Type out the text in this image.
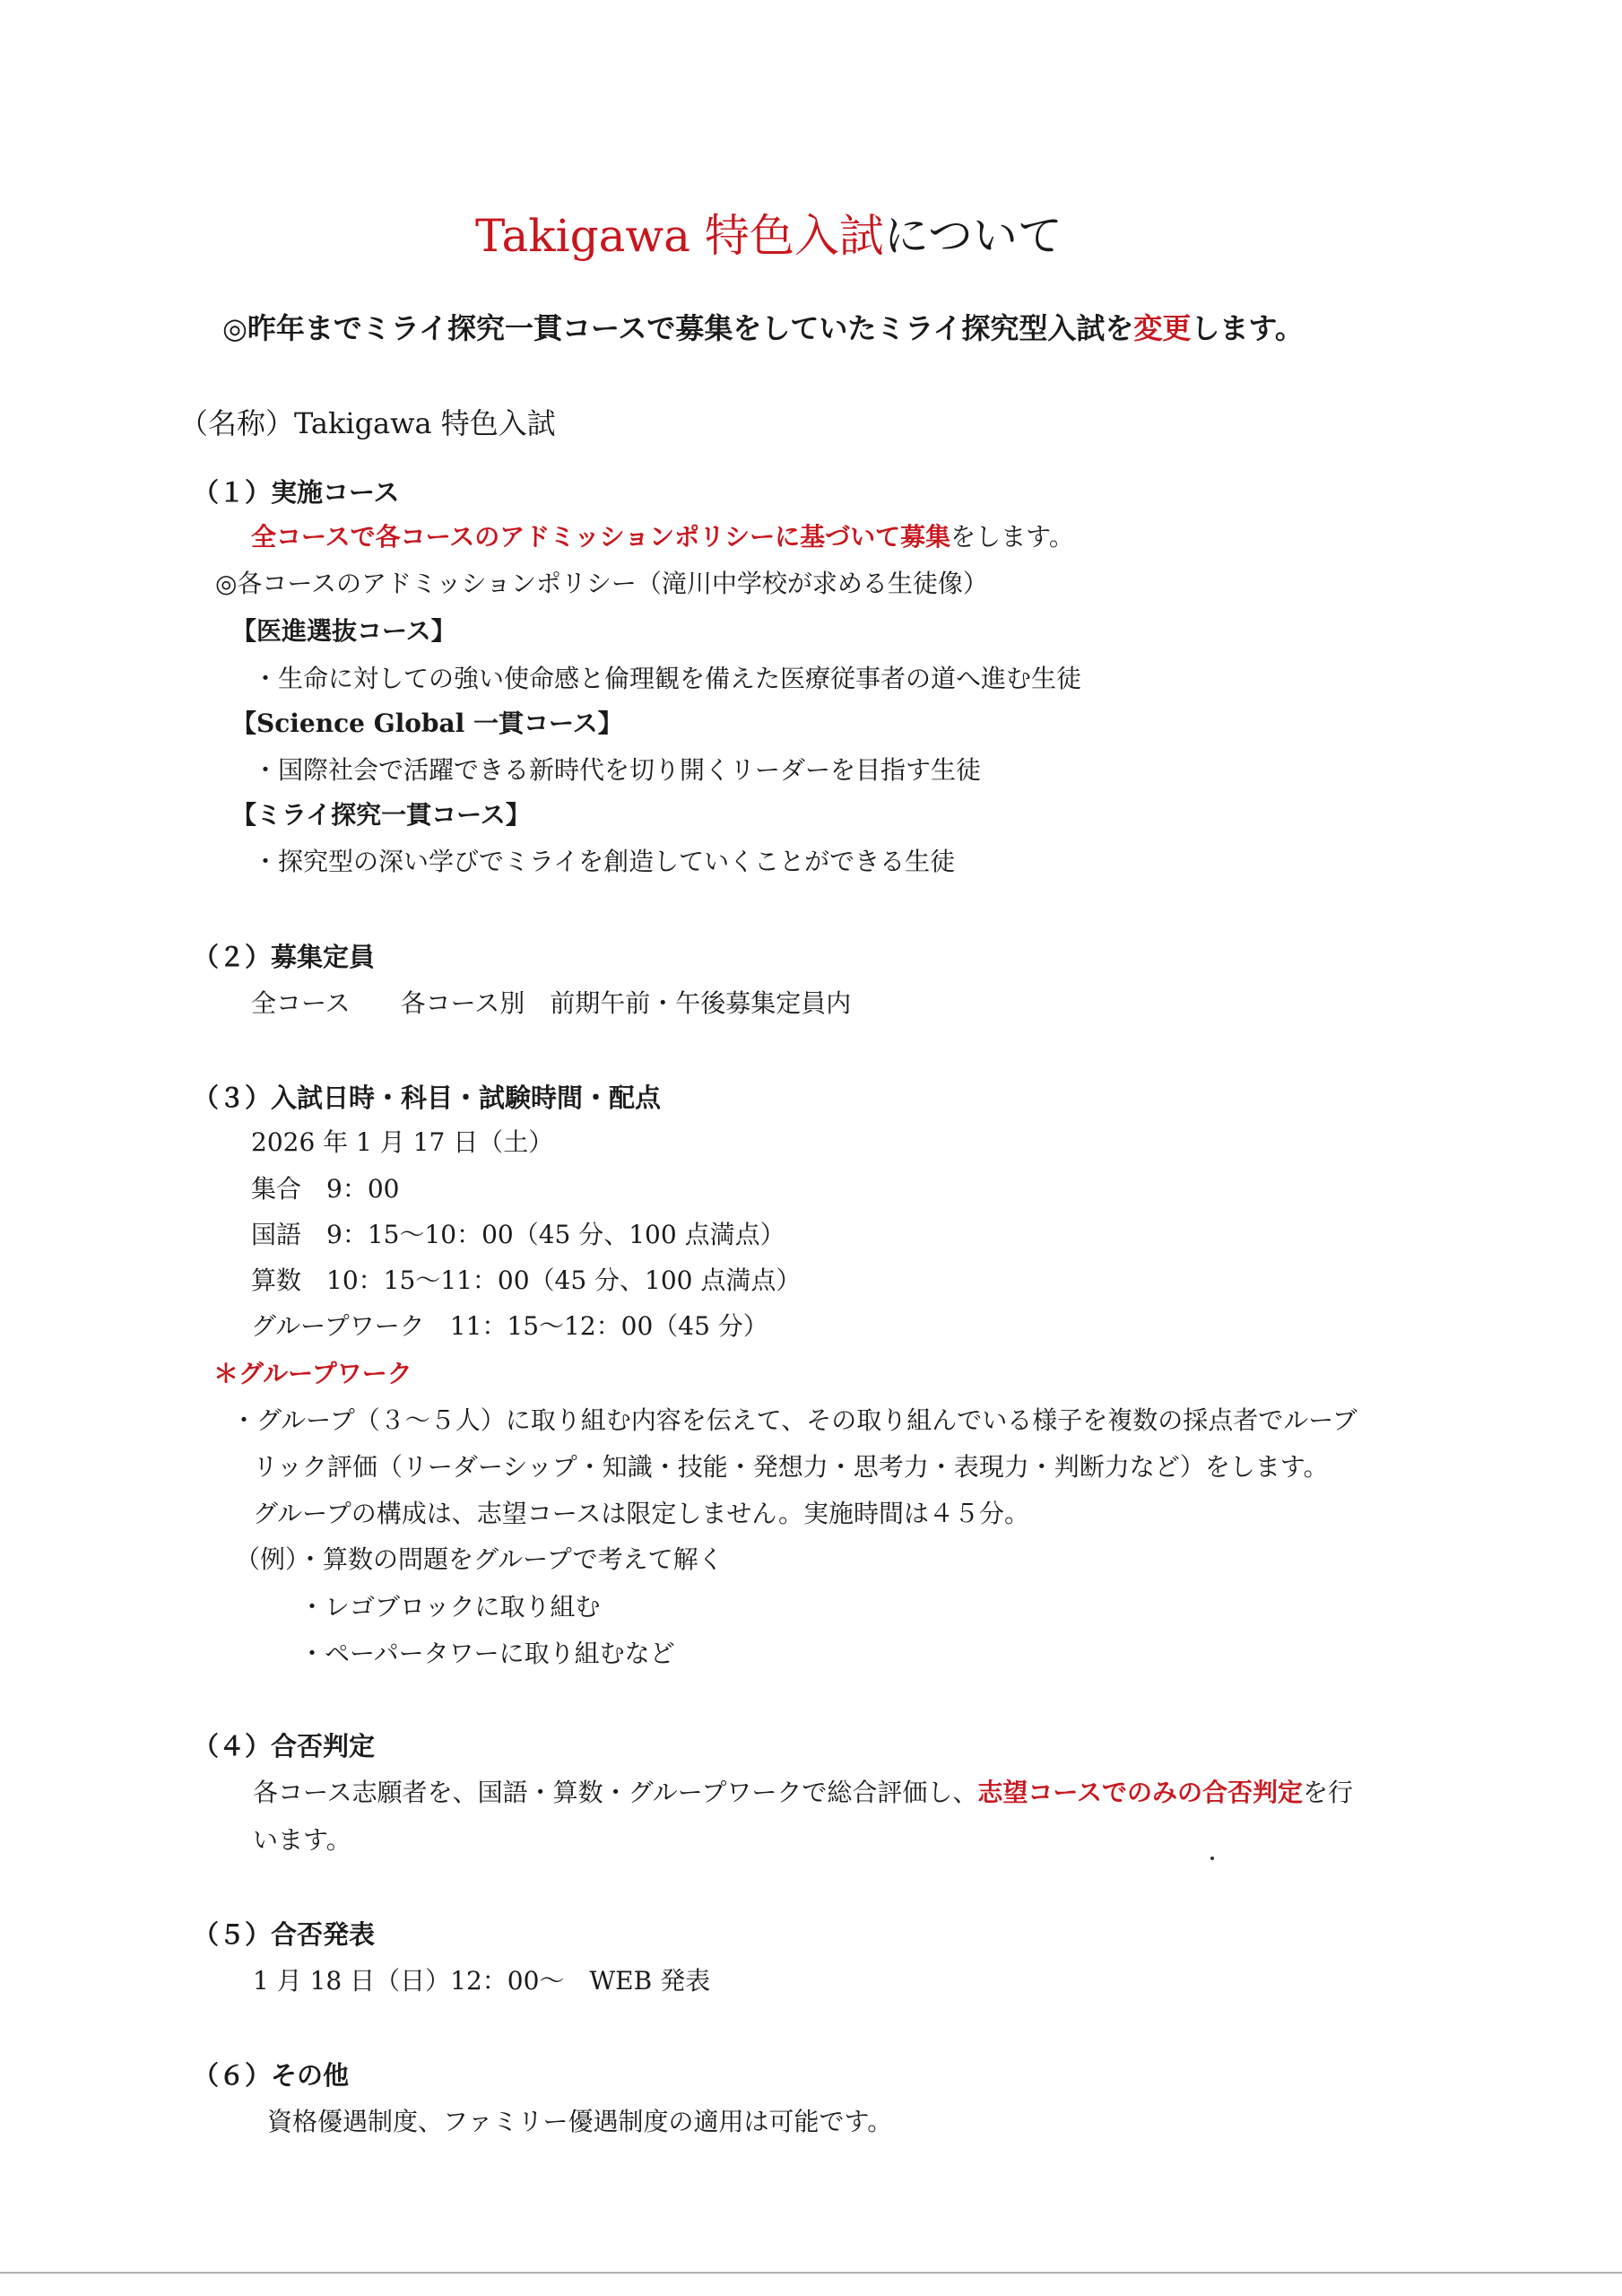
Takigawa 特色入試について
◎昨年までミライ探究一貫コースで募集をしていたミライ探究型入試を変更します。
（名称）Takigawa 特色入試
（１）実施コース
全コースで各コースのアドミッションポリシーに基づいて募集をします。
◎各コースのアドミッションポリシー（滝川中学校が求める生徒像）
【医進選抜コース】
・生命に対しての強い使命感と倫理観を備えた医療従事者の道へ進む生徒
【Science Global 一貫コース】
・国際社会で活躍できる新時代を切り開くリーダーを目指す生徒
【ミライ探究一貫コース】
・探究型の深い学びでミライを創造していくことができる生徒
（２）募集定員
全コース　　各コース別　前期午前・午後募集定員内
（３）入試日時・科目・試験時間・配点
2026 年 1 月 17 日（土）
集合　9：00
国語　9：15～10：00（45 分、100 点満点）
算数　10：15～11：00（45 分、100 点満点）
グループワーク　11：15～12：00（45 分）
＊グループワーク
・グループ（３～５人）に取り組む内容を伝えて、その取り組んでいる様子を複数の採点者でルーブ
リック評価（リーダーシップ・知識・技能・発想力・思考力・表現力・判断力など）をします。
グループの構成は、志望コースは限定しません。実施時間は４５分。
（例）・算数の問題をグループで考えて解く
・レゴブロックに取り組む
・ペーパータワーに取り組むなど
（４）合否判定
各コース志願者を、国語・算数・グループワークで総合評価し、志望コースでのみの合否判定を行
います。
（５）合否発表
1 月 18 日（日）12：00～　WEB 発表
（６）その他
資格優遇制度、ファミリー優遇制度の適用は可能です。
